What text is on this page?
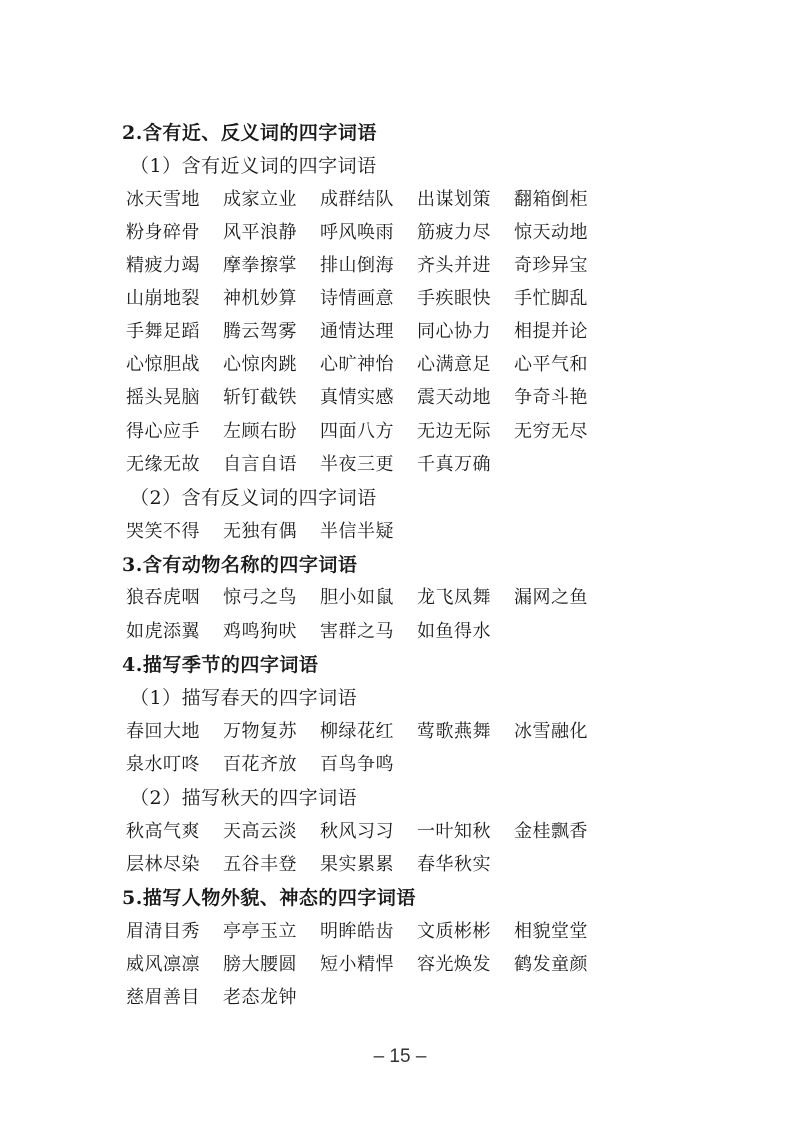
2.含有近、反义词的四字词语
（1）含有近义词的四字词语
冰天雪地	成家立业	成群结队	出谋划策	翻箱倒柜
粉身碎骨	风平浪静	呼风唤雨	筋疲力尽	惊天动地
精疲力竭	摩拳擦掌	排山倒海	齐头并进	奇珍异宝
山崩地裂	神机妙算	诗情画意	手疾眼快	手忙脚乱
手舞足蹈	腾云驾雾	通情达理	同心协力	相提并论
心惊胆战	心惊肉跳	心旷神怡	心满意足	心平气和
摇头晃脑	斩钉截铁	真情实感	震天动地	争奇斗艳
得心应手	左顾右盼	四面八方	无边无际	无穷无尽
无缘无故	自言自语	半夜三更	千真万确
（2）含有反义词的四字词语
哭笑不得	无独有偶	半信半疑
3.含有动物名称的四字词语
狼吞虎咽	惊弓之鸟	胆小如鼠	龙飞凤舞	漏网之鱼
如虎添翼	鸡鸣狗吠	害群之马	如鱼得水
4.描写季节的四字词语
（1）描写春天的四字词语
春回大地	万物复苏	柳绿花红	莺歌燕舞	冰雪融化
泉水叮咚	百花齐放	百鸟争鸣
（2）描写秋天的四字词语
秋高气爽	天高云淡	秋风习习	一叶知秋	金桂飘香
层林尽染	五谷丰登	果实累累	春华秋实
5.描写人物外貌、神态的四字词语
眉清目秀	亭亭玉立	明眸皓齿	文质彬彬	相貌堂堂
威风凛凛	膀大腰圆	短小精悍	容光焕发	鹤发童颜
慈眉善目	老态龙钟
– 15 –
